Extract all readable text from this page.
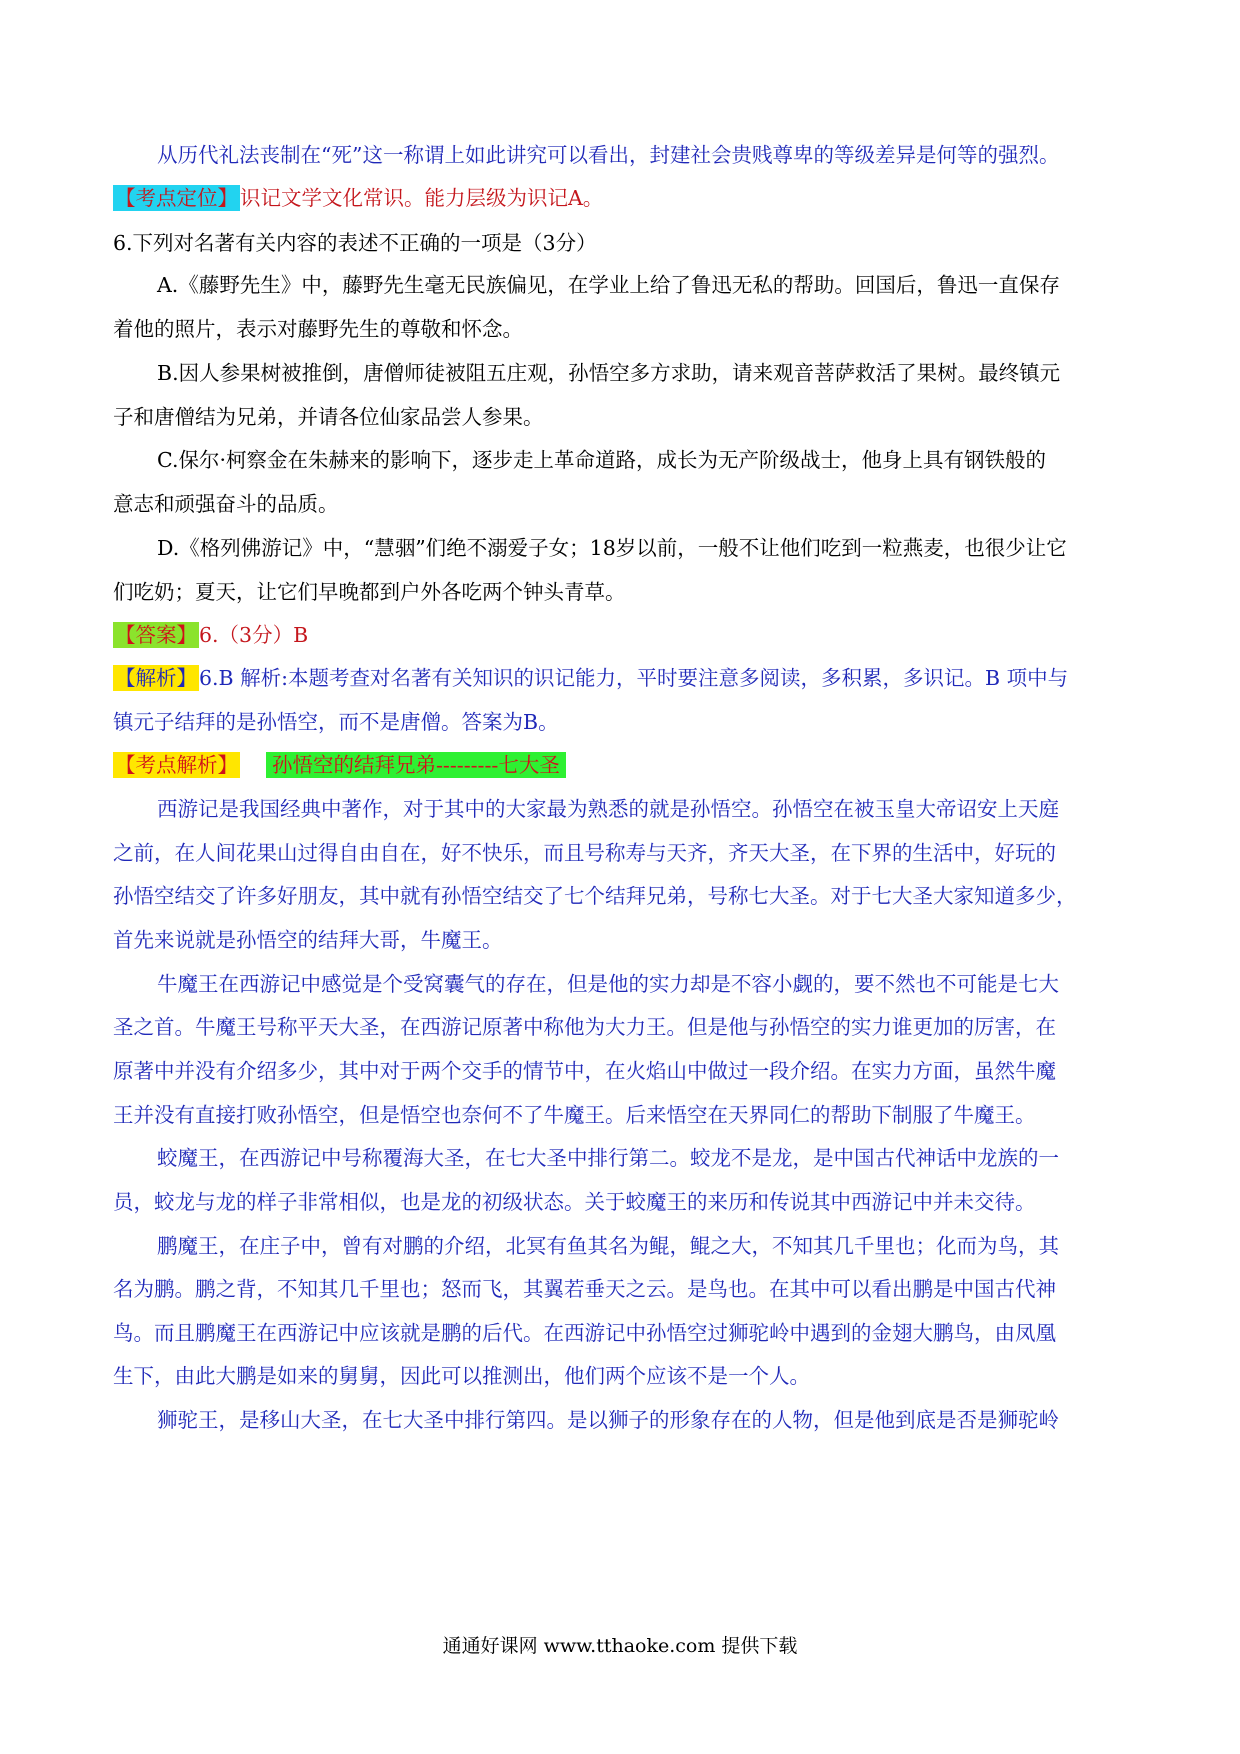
从历代礼法丧制在“死”这一称谓上如此讲究可以看出，封建社会贵贱尊卑的等级差异是何等的强烈。
【考点定位】识记文学文化常识。能力层级为识记A。
6.下列对名著有关内容的表述不正确的一项是（3分）
A.《藤野先生》中，藤野先生毫无民族偏见，在学业上给了鲁迅无私的帮助。回国后，鲁迅一直保存
着他的照片，表示对藤野先生的尊敬和怀念。
B.因人参果树被推倒，唐僧师徒被阻五庄观，孙悟空多方求助，请来观音菩萨救活了果树。最终镇元
子和唐僧结为兄弟，并请各位仙家品尝人参果。
C.保尔·柯察金在朱赫来的影响下，逐步走上革命道路，成长为无产阶级战士，他身上具有钢铁般的
意志和顽强奋斗的品质。
D.《格列佛游记》中，“慧骃”们绝不溺爱子女；18岁以前，一般不让他们吃到一粒燕麦，也很少让它
们吃奶；夏天，让它们早晚都到户外各吃两个钟头青草。
【答案】6.（3分）B
【解析】6.B 解析:本题考查对名著有关知识的识记能力，平时要注意多阅读，多积累，多识记。B 项中与
镇元子结拜的是孙悟空，而不是唐僧。答案为B。
【考点解析】 孙悟空的结拜兄弟---------七大圣
西游记是我国经典中著作，对于其中的大家最为熟悉的就是孙悟空。孙悟空在被玉皇大帝诏安上天庭
之前，在人间花果山过得自由自在，好不快乐，而且号称寿与天齐，齐天大圣，在下界的生活中，好玩的
孙悟空结交了许多好朋友，其中就有孙悟空结交了七个结拜兄弟，号称七大圣。对于七大圣大家知道多少，
首先来说就是孙悟空的结拜大哥，牛魔王。
牛魔王在西游记中感觉是个受窝囊气的存在，但是他的实力却是不容小觑的，要不然也不可能是七大
圣之首。牛魔王号称平天大圣，在西游记原著中称他为大力王。但是他与孙悟空的实力谁更加的厉害，在
原著中并没有介绍多少，其中对于两个交手的情节中，在火焰山中做过一段介绍。在实力方面，虽然牛魔
王并没有直接打败孙悟空，但是悟空也奈何不了牛魔王。后来悟空在天界同仁的帮助下制服了牛魔王。
蛟魔王，在西游记中号称覆海大圣，在七大圣中排行第二。蛟龙不是龙，是中国古代神话中龙族的一
员，蛟龙与龙的样子非常相似，也是龙的初级状态。关于蛟魔王的来历和传说其中西游记中并未交待。
鹏魔王，在庄子中，曾有对鹏的介绍，北冥有鱼其名为鲲，鲲之大，不知其几千里也；化而为鸟，其
名为鹏。鹏之背，不知其几千里也；怒而飞，其翼若垂天之云。是鸟也。在其中可以看出鹏是中国古代神
鸟。而且鹏魔王在西游记中应该就是鹏的后代。在西游记中孙悟空过狮驼岭中遇到的金翅大鹏鸟，由凤凰
生下，由此大鹏是如来的舅舅，因此可以推测出，他们两个应该不是一个人。
狮驼王，是移山大圣，在七大圣中排行第四。是以狮子的形象存在的人物，但是他到底是否是狮驼岭
通通好课网 www.tthaoke.com 提供下载
